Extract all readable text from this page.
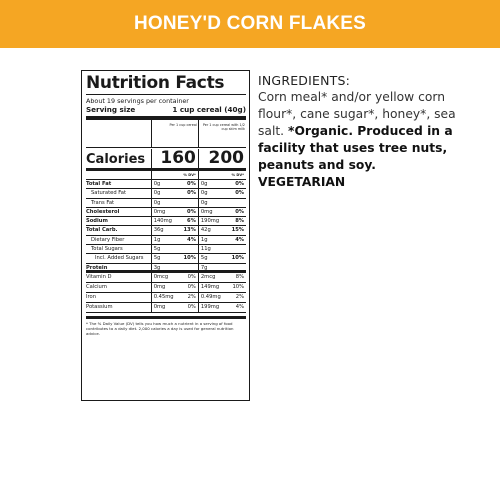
HONEY'D CORN FLAKES
Nutrition Facts
About 19 servings per container
Serving size	1 cup cereal (40g)
Per 1 cup cereal	Per 1 cup cereal with 1/2 cup skim milk
Calories 160 200
% DV*	% DV*
Total Fat	0g	0% 0g	0%
Saturated Fat	0g	0% 0g	0%
Trans Fat	0g	0g
Cholesterol	0mg	0% 0mg	0%
Sodium	140mg	6% 190mg	8%
Total Carb.	36g	13% 42g	15%
Dietary Fiber	1g	4% 1g	4%
Total Sugars	5g	11g
Incl. Added Sugars	5g	10% 5g	10%
Protein	3g	7g
Vitamin D	0mcg	0% 2mcg	8%
Calcium	0mg	0% 149mg	10%
Iron	0.45mg	2% 0.49mg	2%
Potassium	0mg	0% 199mg	4%
* The % Daily Value (DV) tells you how much a nutrient in a serving of food contributes to a daily diet. 2,000 calories a day is used for general nutrition advice.
INGREDIENTS:
Corn meal* and/or yellow corn flour*, cane sugar*, honey*, sea salt. *Organic. Produced in a facility that uses tree nuts, peanuts and soy. VEGETARIAN
